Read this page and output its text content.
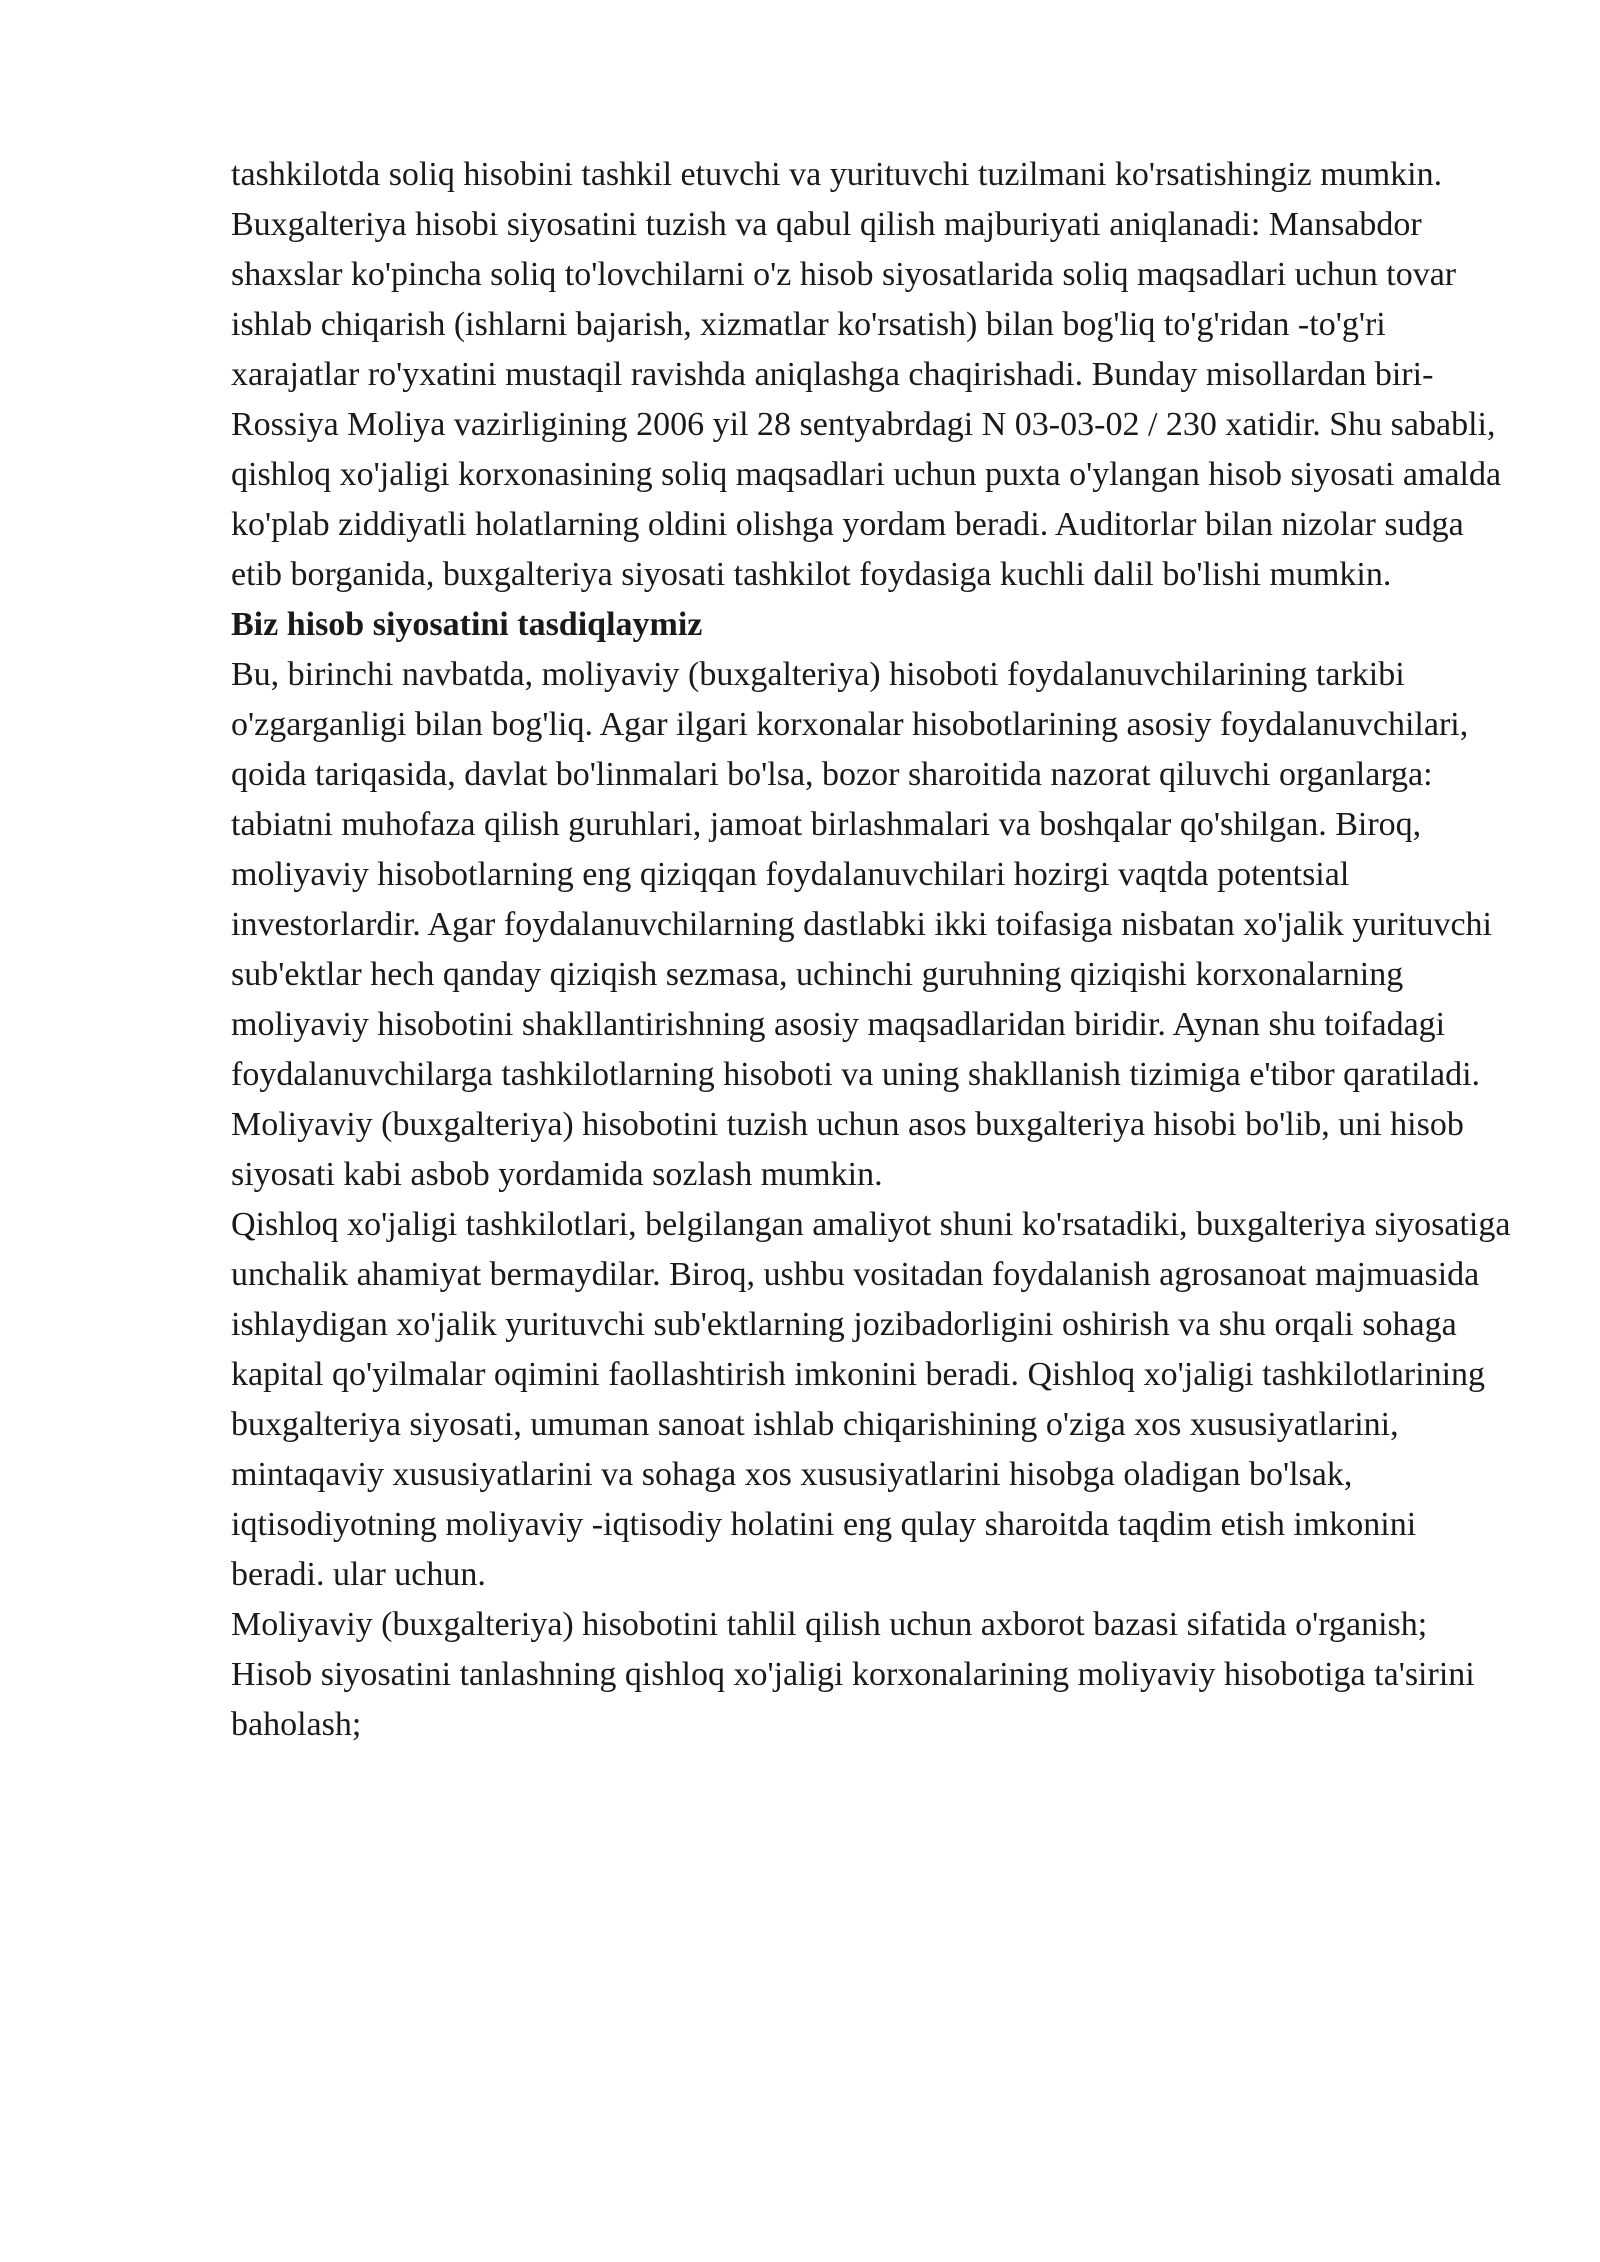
tashkilotda soliq hisobini tashkil etuvchi va yurituvchi tuzilmani ko'rsatishingiz mumkin.

Buxgalteriya hisobi siyosatini tuzish va qabul qilish majburiyati aniqlanadi: Mansabdor shaxslar ko'pincha soliq to'lovchilarni o'z hisob siyosatlarida soliq maqsadlari uchun tovar ishlab chiqarish (ishlarni bajarish, xizmatlar ko'rsatish) bilan bog'liq to'g'ridan -to'g'ri xarajatlar ro'yxatini mustaqil ravishda aniqlashga chaqirishadi. Bunday misollardan biri-Rossiya Moliya vazirligining 2006 yil 28 sentyabrdagi N 03-03-02 / 230 xatidir. Shu sababli, qishloq xo'jaligi korxonasining soliq maqsadlari uchun puxta o'ylangan hisob siyosati amalda ko'plab ziddiyatli holatlarning oldini olishga yordam beradi. Auditorlar bilan nizolar sudga etib borganida, buxgalteriya siyosati tashkilot foydasiga kuchli dalil bo'lishi mumkin.

Biz hisob siyosatini tasdiqlaymiz

Bu, birinchi navbatda, moliyaviy (buxgalteriya) hisoboti foydalanuvchilarining tarkibi o'zgarganligi bilan bog'liq. Agar ilgari korxonalar hisobotlarining asosiy foydalanuvchilari, qoida tariqasida, davlat bo'linmalari bo'lsa, bozor sharoitida nazorat qiluvchi organlarga: tabiatni muhofaza qilish guruhlari, jamoat birlashmalari va boshqalar qo'shilgan. Biroq, moliyaviy hisobotlarning eng qiziqqan foydalanuvchilari hozirgi vaqtda potentsial investorlardir. Agar foydalanuvchilarning dastlabki ikki toifasiga nisbatan xo'jalik yurituvchi sub'ektlar hech qanday qiziqish sezmasa, uchinchi guruhning qiziqishi korxonalarning moliyaviy hisobotini shakllantirishning asosiy maqsadlaridan biridir. Aynan shu toifadagi foydalanuvchilarga tashkilotlarning hisoboti va uning shakllanish tizimiga e'tibor qaratiladi. Moliyaviy (buxgalteriya) hisobotini tuzish uchun asos buxgalteriya hisobi bo'lib, uni hisob siyosati kabi asbob yordamida sozlash mumkin.

Qishloq xo'jaligi tashkilotlari, belgilangan amaliyot shuni ko'rsatadiki, buxgalteriya siyosatiga unchalik ahamiyat bermaydilar. Biroq, ushbu vositadan foydalanish agrosanoat majmuasida ishlaydigan xo'jalik yurituvchi sub'ektlarning jozibadorligini oshirish va shu orqali sohaga kapital qo'yilmalar oqimini faollashtirish imkonini beradi. Qishloq xo'jaligi tashkilotlarining buxgalteriya siyosati, umuman sanoat ishlab chiqarishining o'ziga xos xususiyatlarini, mintaqaviy xususiyatlarini va sohaga xos xususiyatlarini hisobga oladigan bo'lsak, iqtisodiyotning moliyaviy -iqtisodiy holatini eng qulay sharoitda taqdim etish imkonini beradi. ular uchun.

Moliyaviy (buxgalteriya) hisobotini tahlil qilish uchun axborot bazasi sifatida o'rganish;

Hisob siyosatini tanlashning qishloq xo'jaligi korxonalarining moliyaviy hisobotiga ta'sirini baholash;
